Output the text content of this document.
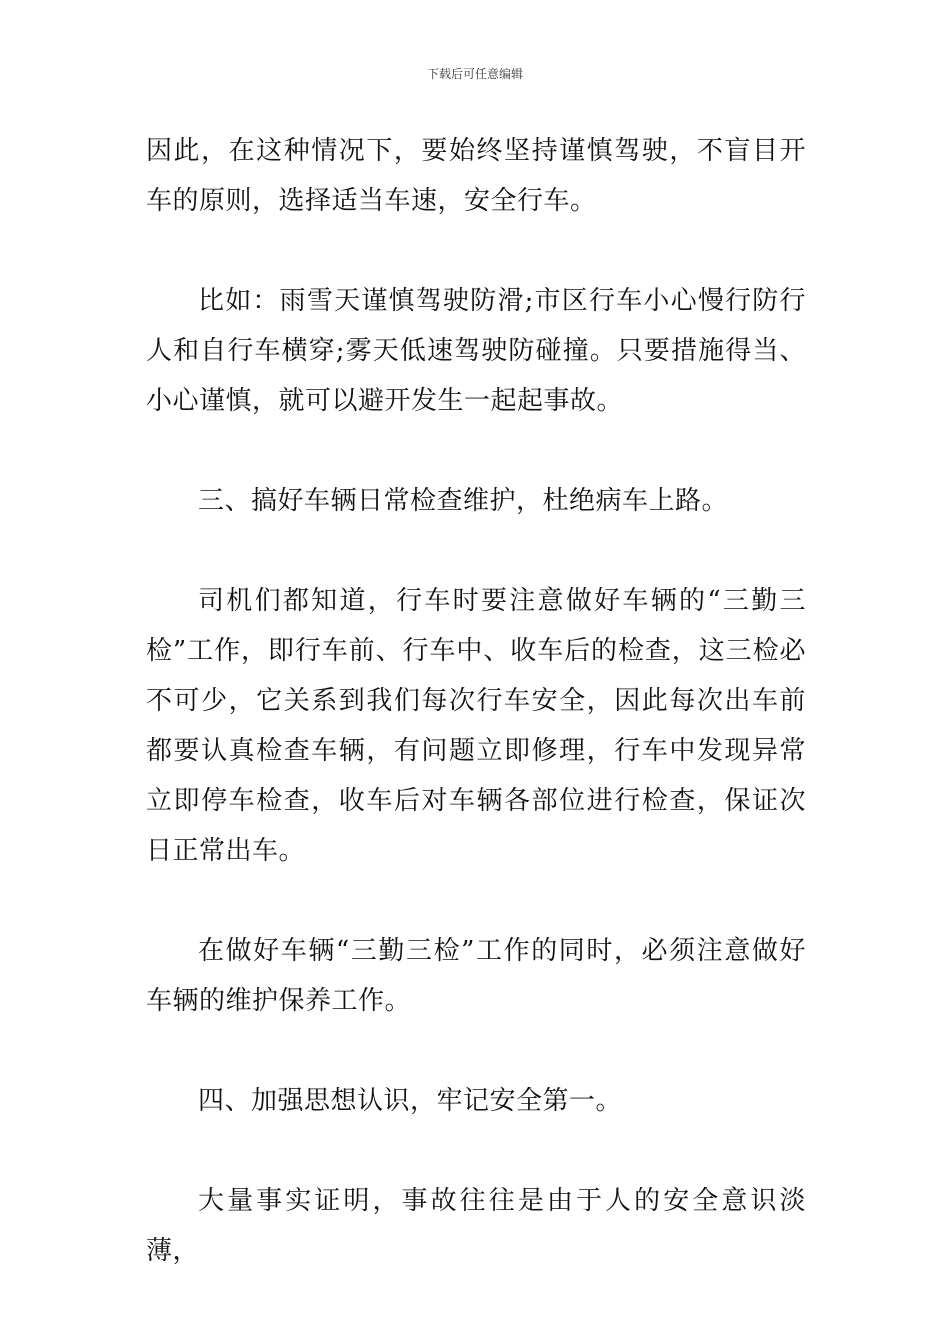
下载后可任意编辑

因此，在这种情况下，要始终坚持谨慎驾驶，不盲目开车的原则，选择适当车速，安全行车。

比如：雨雪天谨慎驾驶防滑;市区行车小心慢行防行人和自行车横穿;雾天低速驾驶防碰撞。只要措施得当、小心谨慎，就可以避开发生一起起事故。

三、搞好车辆日常检查维护，杜绝病车上路。

司机们都知道，行车时要注意做好车辆的“三勤三检”工作，即行车前、行车中、收车后的检查，这三检必不可少，它关系到我们每次行车安全，因此每次出车前都要认真检查车辆，有问题立即修理，行车中发现异常立即停车检查，收车后对车辆各部位进行检查，保证次日正常出车。

在做好车辆“三勤三检”工作的同时，必须注意做好车辆的维护保养工作。

四、加强思想认识，牢记安全第一。

大量事实证明，事故往往是由于人的安全意识淡薄，
